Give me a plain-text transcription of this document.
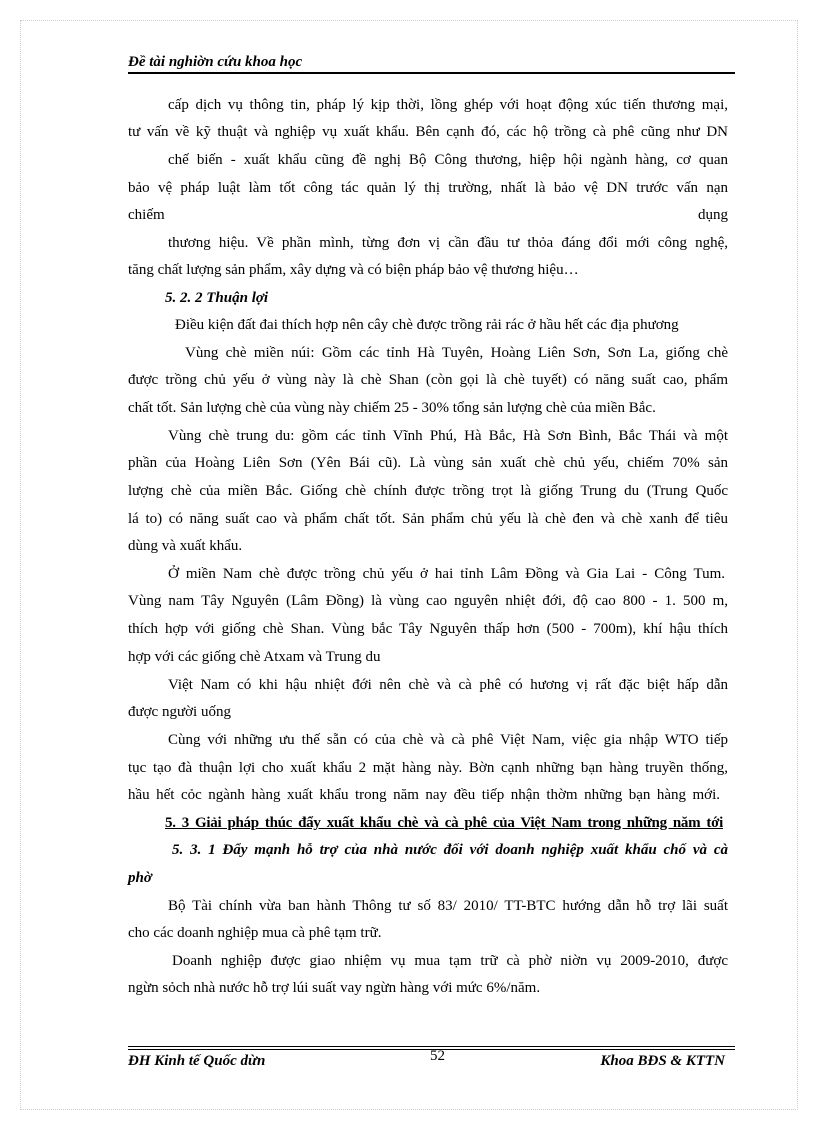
Đề tài nghiờn cứu khoa học
cấp dịch vụ thông tin, pháp lý kịp thời, lồng ghép với hoạt động xúc tiến thương mại,
tư vấn về kỹ thuật và nghiệp vụ xuất khẩu. Bên cạnh đó, các hộ trồng cà phê cũng như DN
chế biến - xuất khẩu cũng đề nghị Bộ Công thương, hiệp hội ngành hàng, cơ quan
bảo vệ pháp luật làm tốt công tác quản lý thị trường, nhất là bảo vệ DN trước vấn nạn
chiếm dụng
thương hiệu. Về phần mình, từng đơn vị cần đầu tư thỏa đáng đổi mới công nghệ,
tăng chất lượng sản phẩm, xây dựng và có biện pháp bảo vệ thương hiệu…
5. 2. 2 Thuận lợi
Điều kiện đất đai thích hợp nên cây chè được trồng rải rác ở hầu hết các địa phương
Vùng chè miền núi: Gồm các tỉnh Hà Tuyên, Hoàng Liên Sơn, Sơn La, giống chè
được trồng chủ yếu ở vùng này là chè Shan (còn gọi là chè tuyết) có năng suất cao, phẩm
chất tốt. Sản lượng chè của vùng này chiếm 25 - 30% tổng sản lượng chè của miền Bắc.
Vùng chè trung du: gồm các tỉnh Vĩnh Phú, Hà Bắc, Hà Sơn Bình, Bắc Thái và một
phần của Hoàng Liên Sơn (Yên Bái cũ). Là vùng sản xuất chè chủ yếu, chiếm 70% sản
lượng chè của miền Bắc. Giống chè chính được trồng trọt là giống Trung du (Trung Quốc
lá to) có năng suất cao và phẩm chất tốt. Sản phẩm chủ yếu là chè đen và chè xanh để tiêu
dùng và xuất khẩu.
Ở miền Nam chè được trồng chủ yếu ở hai tỉnh Lâm Đồng và Gia Lai - Công Tum.
Vùng nam Tây Nguyên (Lâm Đồng) là vùng cao nguyên nhiệt đới, độ cao 800 - 1. 500 m,
thích hợp với giống chè Shan. Vùng bắc Tây Nguyên thấp hơn (500 - 700m), khí hậu thích
hợp với các giống chè Atxam và Trung du
Việt Nam có khi hậu nhiệt đới nên chè và cà phê có hương vị rất đặc biệt hấp dẫn
được người uống
Cùng với những ưu thế sẵn có của chè và cà phê Việt Nam, việc gia nhập WTO tiếp
tục tạo đà thuận lợi cho xuất khẩu 2 mặt hàng này. Bờn cạnh những bạn hàng truyền thống,
hầu hết cỏc ngành hàng xuất khẩu trong năm nay đều tiếp nhận thờm những bạn hàng mới.
5. 3 Giải pháp thúc đẩy xuất khẩu chè và cà phê của Việt Nam trong những năm tới
5. 3. 1 Đẩy mạnh hỗ trợ của nhà nước đối với doanh nghiệp xuất khẩu chố và cà
phờ
Bộ Tài chính vừa ban hành Thông tư số 83/ 2010/ TT-BTC hướng dẫn hỗ trợ lãi suất
cho các doanh nghiệp mua cà phê tạm trữ.
Doanh nghiệp được giao nhiệm vụ mua tạm trữ cà phờ niờn vụ 2009-2010, được
ngừn sỏch nhà nước hỗ trợ lúi suất vay ngừn hàng với mức 6%/năm.
ĐH Kinh tế Quốc dừn	52	Khoa BĐS & KTTN
